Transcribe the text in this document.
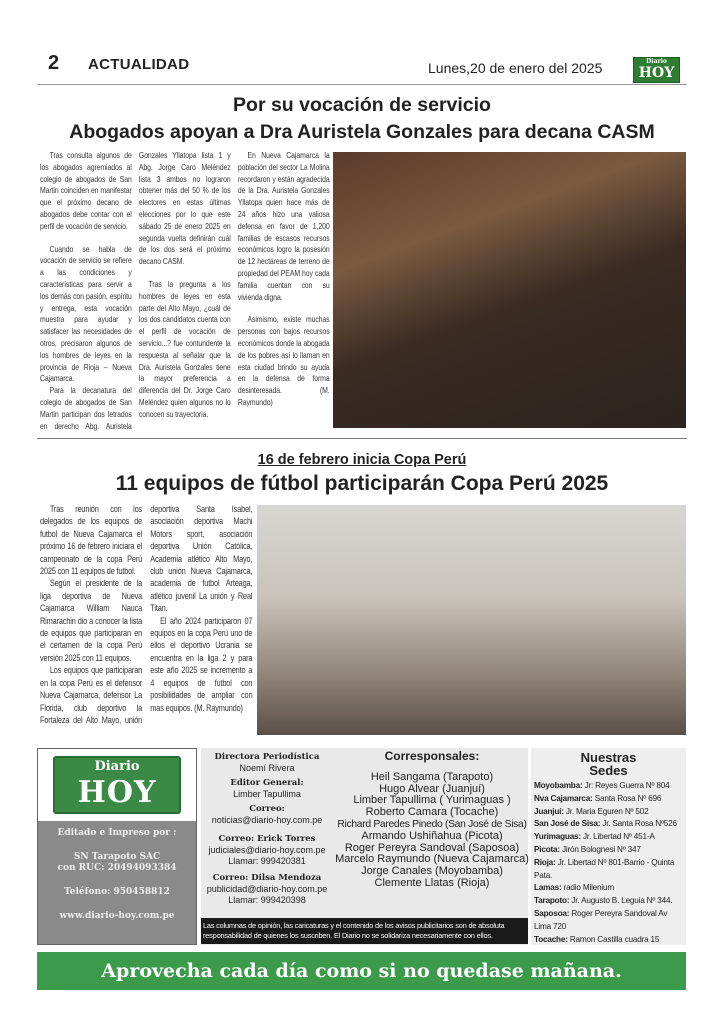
2 ACTUALIDAD	Lunes,20 de enero del 2025	Diario
HOY
Por su vocación de servicio
Abogados apoyan a Dra Auristela Gonzales para decana CASM

Tras consulta algunos de los abogados agremiados al colegio de abogados de San Martin coinciden en manifestar que el próximo decano de abogados debe contar con el perfil de vocación de servicio.

Cuando se habla de vocación de servicio se refiere a las condiciones y características para servir a los demás con pasión, espíritu y entrega, esta vocación muestra para ayudar y satisfacer las necesidades de otros, precisaron algunos de los hombres de leyes en la provincia de Rioja – Nueva Cajamarca.

Para la decanatura del colegio de abogados de San Martin participan dos letrados en derecho Abg. Auristela Gonzales Yllatopa lista 1 y Abg. Jorge Caro Meléndez lista 3 ambos no lograron obtener más del 50 % de los electores en estas últimas elecciones por lo que este sábado 25 de enero 2025 en segunda vuelta definirán cuál de los dos será el próximo decano CASM.

Tras la pregunta a los hombres de leyes en esta parte del Alto Mayo, ¿cuál de los dos candidatos cuenta con el perfil de vocación de servicio...? fue contundente la respuesta al señalar que la Dra. Auristela Gonzales tiene la mayor preferencia a diferencia del Dr. Jorge Caro Meléndez quien algunos no lo conocen su trayectoria.

En Nueva Cajamarca la población del sector La Molina recordaron y están agradecida de la Dra. Auristela Gonzales Yllatopa quien hace más de 24 años hizo una valiosa defensa en favor de 1,200 familias de escasos recursos económicos logro la posesión de 12 hectáreas de terreno de propiedad del PEAM hoy cada familia cuentan con su vivienda digna.

Asimismo, existe muchas personas con bajos recursos económicos donde la abogada de los pobres así lo llaman en esta ciudad brindo su ayuda en la defensa de forma desinteresada. (M. Raymundo)

16 de febrero inicia Copa Perú
11 equipos de fútbol participarán Copa Perú 2025

Tras reunión con los delegados de los equipos de futbol de Nueva Cajamarca el próximo 16 de febrero iniciara el campeonato de la copa Perú 2025 con 11 equipos de futbol.

Según el presidente de la liga deportiva de Nueva Cajamarca William Nauca Rimarachin dio a conocer la lista de equipos que participaran en el certamen de la copa Perú versión 2025 con 11 equipos.

Los equipos que participaran en la copa Perú es el defensor Nueva Cajamarca, defensor La Florida, club deportivo la Fortaleza del Alto Mayo, unión deportiva Santa Isabel, asociación deportiva Machi Motors sport, asociación deportiva Unión Católica, Academia atlético Alto Mayo, club unión Nueva Cajamarca, academia de futbol Arteaga, atlético juvenil La unión y Real Titan.

El año 2024 participaron 07 equipos en la copa Perú uno de ellos el deportivo Ucrania se encuentra en la liga 2 y para este año 2025 se incremento a 4 equipos de futbol con posibilidades de ampliar con mas equipos. (M. Raymundo)

Diario
HOY
Editado e Impreso por :
SN Tarapoto SAC
con RUC: 20494093384
Teléfono: 950458812
www.diario-hoy.com.pe
Directora Periodística
Noemí Rivera
Editor General:
Limber Tapullima
Correo:
noticias@diario-hoy.com.pe
Correo: Erick Torres
judiciales@diario-hoy.com.pe
Llamar: 999420381
Correo: Dilsa Mendoza
publicidad@diario-hoy.com.pe
Llamar: 999420398
Corresponsales:
Heil Sangama (Tarapoto)
Hugo Alvear (Juanjuí)
Limber Tapullima ( Yurimaguas )
Roberto Camara (Tocache)
Richard Paredes Pinedo (San José de Sisa)
Armando Ushiñahua (Picota)
Roger Pereyra Sandoval (Saposoa)
Marcelo Raymundo (Nueva Cajamarca)
Jorge Canales (Moyobamba)
Clemente Llatas (Rioja)
Las columnas de opinión, las caricaturas y el contenido de los avisos publicitarios son de absoluta responsabilidad de quienes los suscriben. El Diario no se solidariza necesariamente con ellos.
Nuestras
Sedes
Moyobamba: Jr: Reyes Guerra Nº 804
Nva Cajamarca: Santa Rosa Nº 696
Juanjuí: Jr. Maria Eguren Nº 502
San José de Sisa: Jr. Santa Rosa Nº526
Yurimaguas: Jr. Libertad Nº 451-A
Picota: Jirón Bolognesi Nº 347
Rioja: Jr. Libertad Nº 801-Barrio - Quinta Pata.
Lamas: radio Milenium
Tarapoto: Jr. Augusto B. Leguia Nº 344.
Saposoa: Roger Pereyra Sandoval Av Lima 720
Tocache: Ramon Castilla cuadra 15
Aprovecha cada día como si no quedase mañana.
